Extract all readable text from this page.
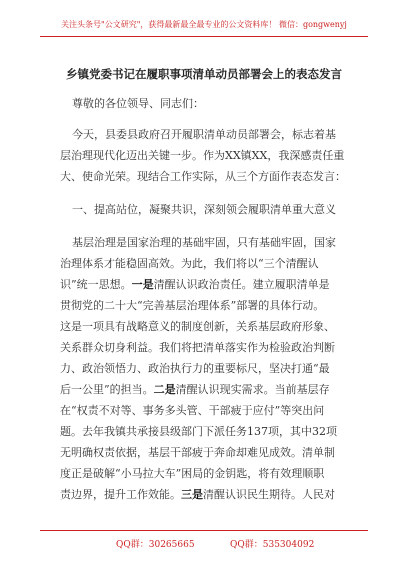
关注头条号"公文研究"，获得最新最全最专业的公文资料库！ 微信：gongwenyj
乡镇党委书记在履职事项清单动员部署会上的表态发言
尊敬的各位领导、同志们：
今天，县委县政府召开履职清单动员部署会，标志着基
层治理现代化迈出关键一步。作为XX镇XX，我深感责任重
大、使命光荣。现结合工作实际，从三个方面作表态发言：
一、提高站位，凝聚共识，深刻领会履职清单重大意义
基层治理是国家治理的基础牢固，只有基础牢固，国家
治理体系才能稳固高效。为此，我们将以“三个清醒认
识”统一思想。一是清醒认识政治责任。建立履职清单是
贯彻党的二十大“完善基层治理体系”部署的具体行动。
这是一项具有战略意义的制度创新，关系基层政府形象、
关系群众切身利益。我们将把清单落实作为检验政治判断
力、政治领悟力、政治执行力的重要标尺，坚决打通“最
后一公里”的担当。二是清醒认识现实需求。当前基层存
在“权责不对等、事务多头管、干部疲于应付”等突出问
题。去年我镇共承接县级部门下派任务137项，其中32项
无明确权责依据，基层干部疲于奔命却难见成效。清单制
度正是破解“小马拉大车”困局的金钥匙，将有效理顺职
责边界，提升工作效能。三是清醒认识民生期待。人民对
QQ群：30265665	QQ群：535304092
